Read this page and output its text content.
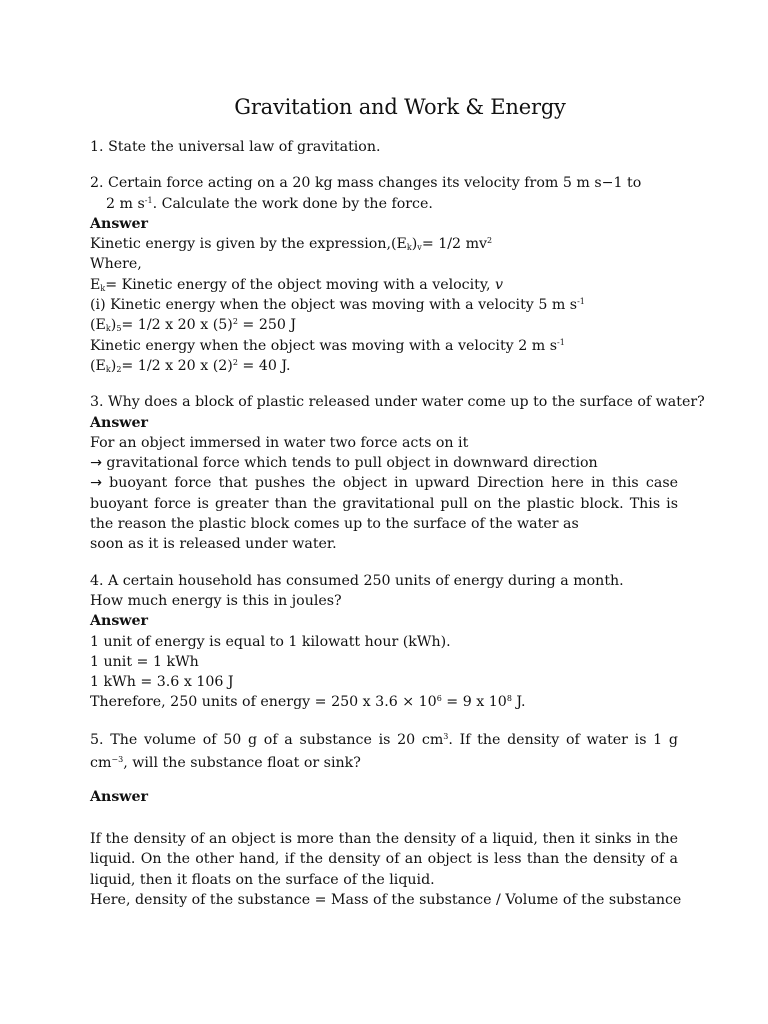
Gravitation and Work & Energy
1. State the universal law of gravitation.
2. Certain force acting on a 20 kg mass changes its velocity from 5 m s−1 to
2 m $s^{-1}$. Calculate the work done by the force.
Answer
Kinetic energy is given by the $expression,(E_k)_v= 1/2$ $mv^2$
Where,
$E_k=$ Kinetic energy of the object moving with a velocity, v
(i) Kinetic energy when the object was moving with a velocity 5 m $s^{-1}$
$(E_k)_5= 1/2$ x 20 x $(5)^2 = 250$ J
Kinetic energy when the object was moving with a velocity 2 m $s^{-1}$
$(E_k)_2= 1/2$ x 20 x $(2)^2 = 40$ J.
3. Why does a block of plastic released under water come up to the surface of water?
Answer
For an object immersed in water two force acts on it
→ gravitational force which tends to pull object in downward direction
→ buoyant force that pushes the object in upward Direction here in this case buoyant force is greater than the gravitational pull on the plastic block. This is the reason the plastic block comes up to the surface of the water as
soon as it is released under water.
4. A certain household has consumed 250 units of energy during a month.
How much energy is this in joules?
Answer
1 unit of energy is equal to 1 kilowatt hour (kWh).
1 unit = 1 kWh
1 kWh = 3.6 x 106 J
Therefore, 250 units of energy = 250 x $3.6 \times 10^6 = 9$ x $10^8$ J.
5. The volume of 50 g of a substance is 20 $cm^3$. If the density of water is 1 g $cm^{-3}$, will the substance float or sink?
Answer
If the density of an object is more than the density of a liquid, then it sinks in the liquid. On the other hand, if the density of an object is less than the density of a liquid, then it floats on the surface of the liquid.
Here, density of the substance = Mass of the substance / Volume of the substance
